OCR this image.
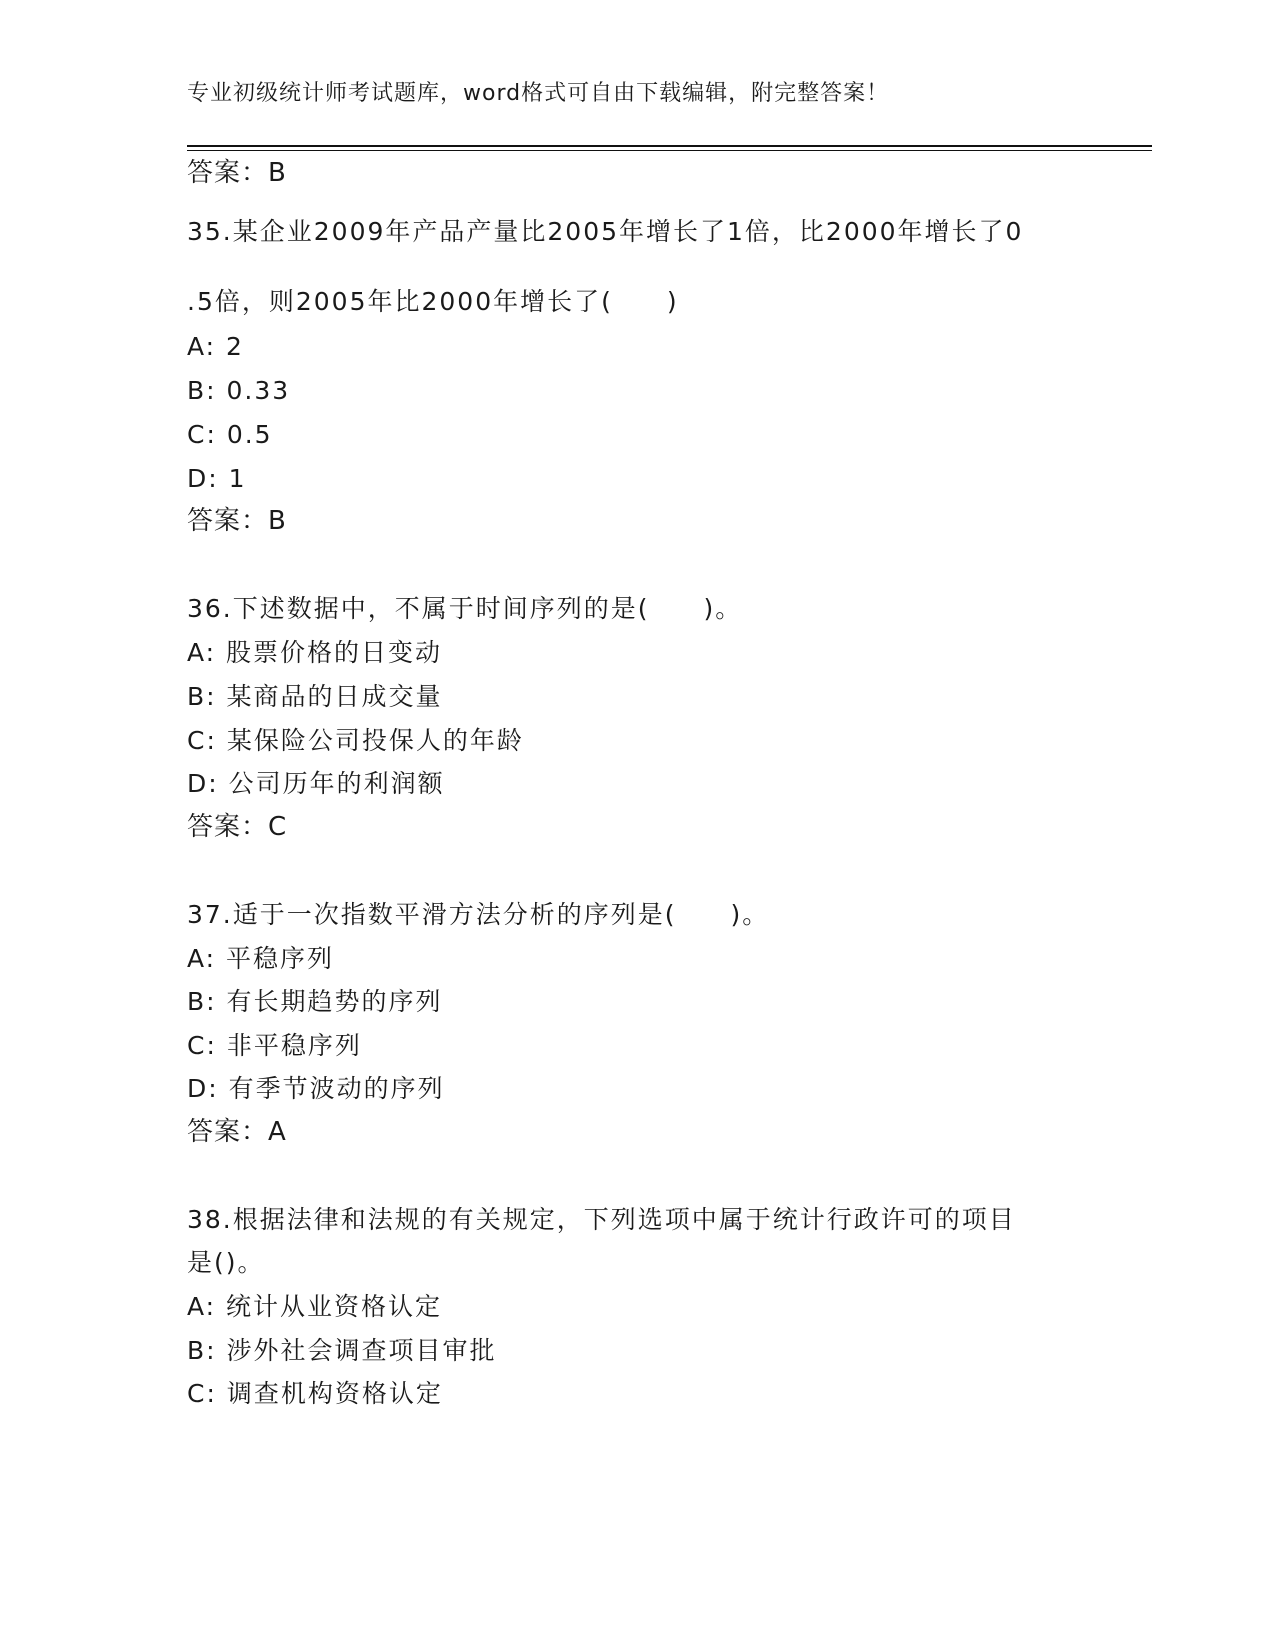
专业初级统计师考试题库，word格式可自由下载编辑，附完整答案！
答案：B
35.某企业2009年产品产量比2005年增长了1倍，比2000年增长了0
.5倍，则2005年比2000年增长了(　　)
A: 2
B: 0.33
C: 0.5
D: 1
答案：B
36.下述数据中，不属于时间序列的是(　　)。
A: 股票价格的日变动
B: 某商品的日成交量
C: 某保险公司投保人的年龄
D: 公司历年的利润额
答案：C
37.适于一次指数平滑方法分析的序列是(　　)。
A: 平稳序列
B: 有长期趋势的序列
C: 非平稳序列
D: 有季节波动的序列
答案：A
38.根据法律和法规的有关规定，下列选项中属于统计行政许可的项目
是()。
A: 统计从业资格认定
B: 涉外社会调查项目审批
C: 调查机构资格认定
